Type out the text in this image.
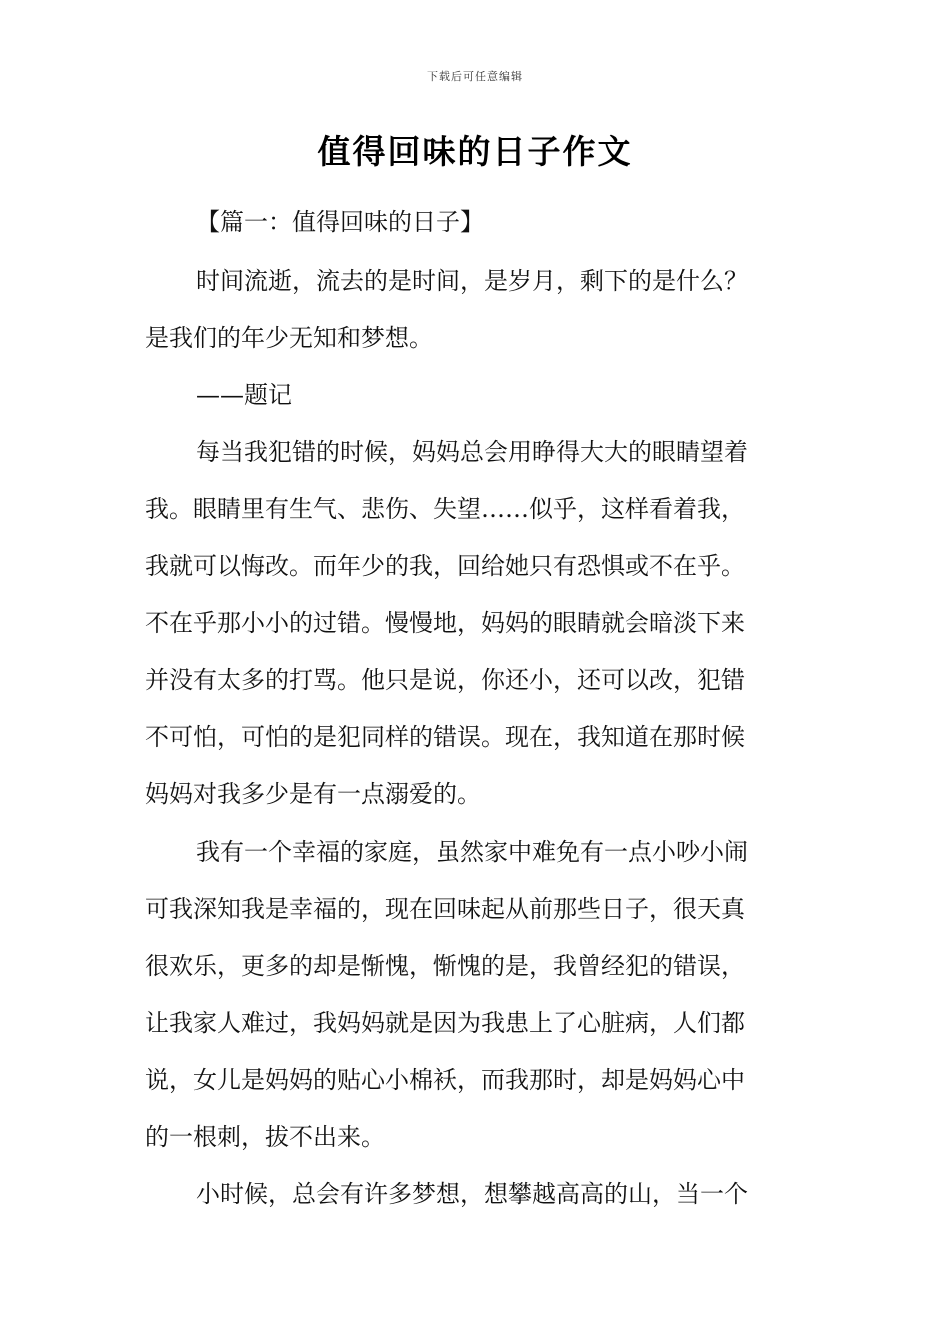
下载后可任意编辑
值得回味的日子作文
【篇一：值得回味的日子】
时间流逝，流去的是时间，是岁月，剩下的是什么？
是我们的年少无知和梦想。
——题记
每当我犯错的时候，妈妈总会用睁得大大的眼睛望着
我。眼睛里有生气、悲伤、失望……似乎，这样看着我，
我就可以悔改。而年少的我，回给她只有恐惧或不在乎。
不在乎那小小的过错。慢慢地，妈妈的眼睛就会暗淡下来
并没有太多的打骂。他只是说，你还小，还可以改，犯错
不可怕，可怕的是犯同样的错误。现在，我知道在那时候
妈妈对我多少是有一点溺爱的。
我有一个幸福的家庭，虽然家中难免有一点小吵小闹
可我深知我是幸福的，现在回味起从前那些日子，很天真
很欢乐，更多的却是惭愧，惭愧的是，我曾经犯的错误，
让我家人难过，我妈妈就是因为我患上了心脏病，人们都
说，女儿是妈妈的贴心小棉袄，而我那时，却是妈妈心中
的一根刺，拔不出来。
小时候，总会有许多梦想，想攀越高高的山，当一个
